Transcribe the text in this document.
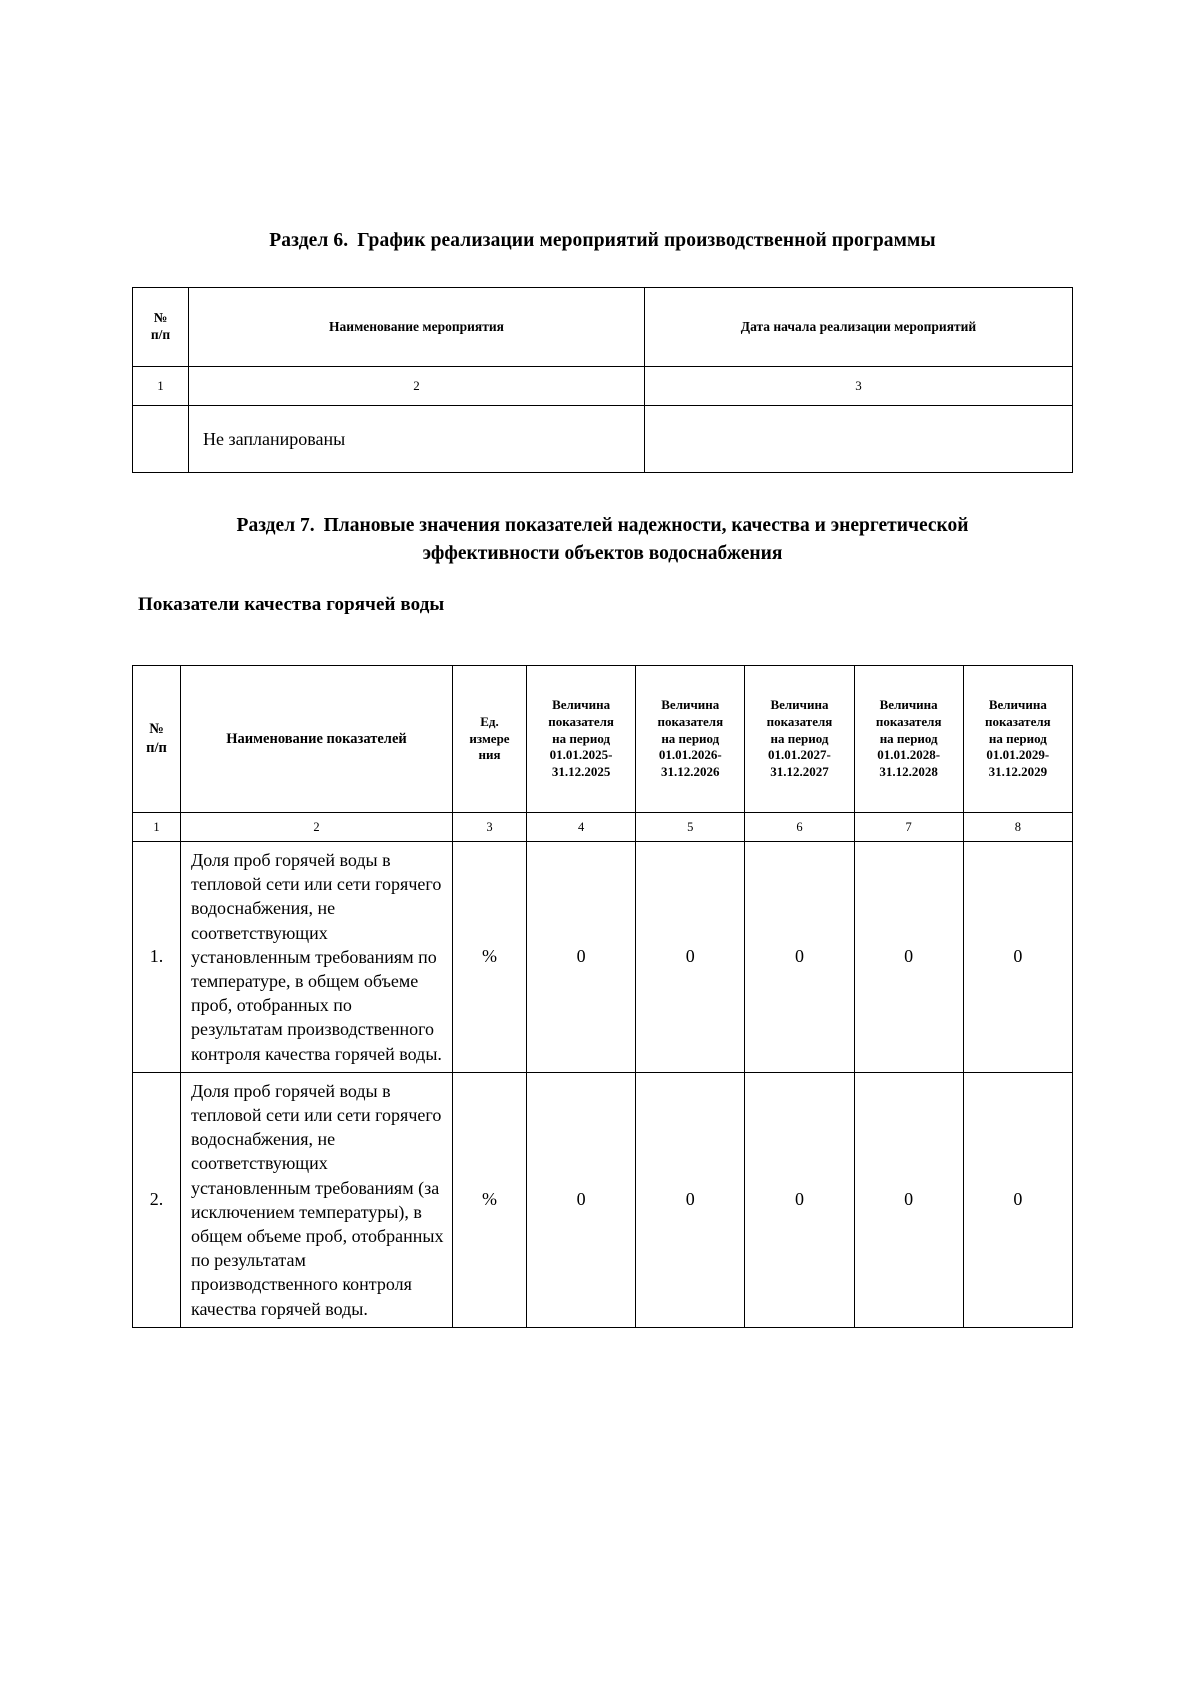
Раздел 6. График реализации мероприятий производственной программы
№
п/п	Наименование мероприятия	Дата начала реализации мероприятий
1	2	3
	Не запланированы	
Раздел 7. Плановые значения показателей надежности, качества и энергетической
эффективности объектов водоснабжения
Показатели качества горячей воды
№
п/п	Наименование показателей	Ед.
измере
ния	Величина
показателя
на период
01.01.2025-
31.12.2025	Величина
показателя
на период
01.01.2026-
31.12.2026	Величина
показателя
на период
01.01.2027-
31.12.2027	Величина
показателя
на период
01.01.2028-
31.12.2028	Величина
показателя
на период
01.01.2029-
31.12.2029
1	2	3	4	5	6	7	8
1.	Доля проб горячей воды в тепловой сети или сети горячего водоснабжения, не соответствующих установленным требованиям по температуре, в общем объеме проб, отобранных по результатам производственного контроля качества горячей воды.	%	0	0	0	0	0
2.	Доля проб горячей воды в тепловой сети или сети горячего водоснабжения, не соответствующих установленным требованиям (за исключением температуры), в общем объеме проб, отобранных по результатам производственного контроля качества горячей воды.	%	0	0	0	0	0
